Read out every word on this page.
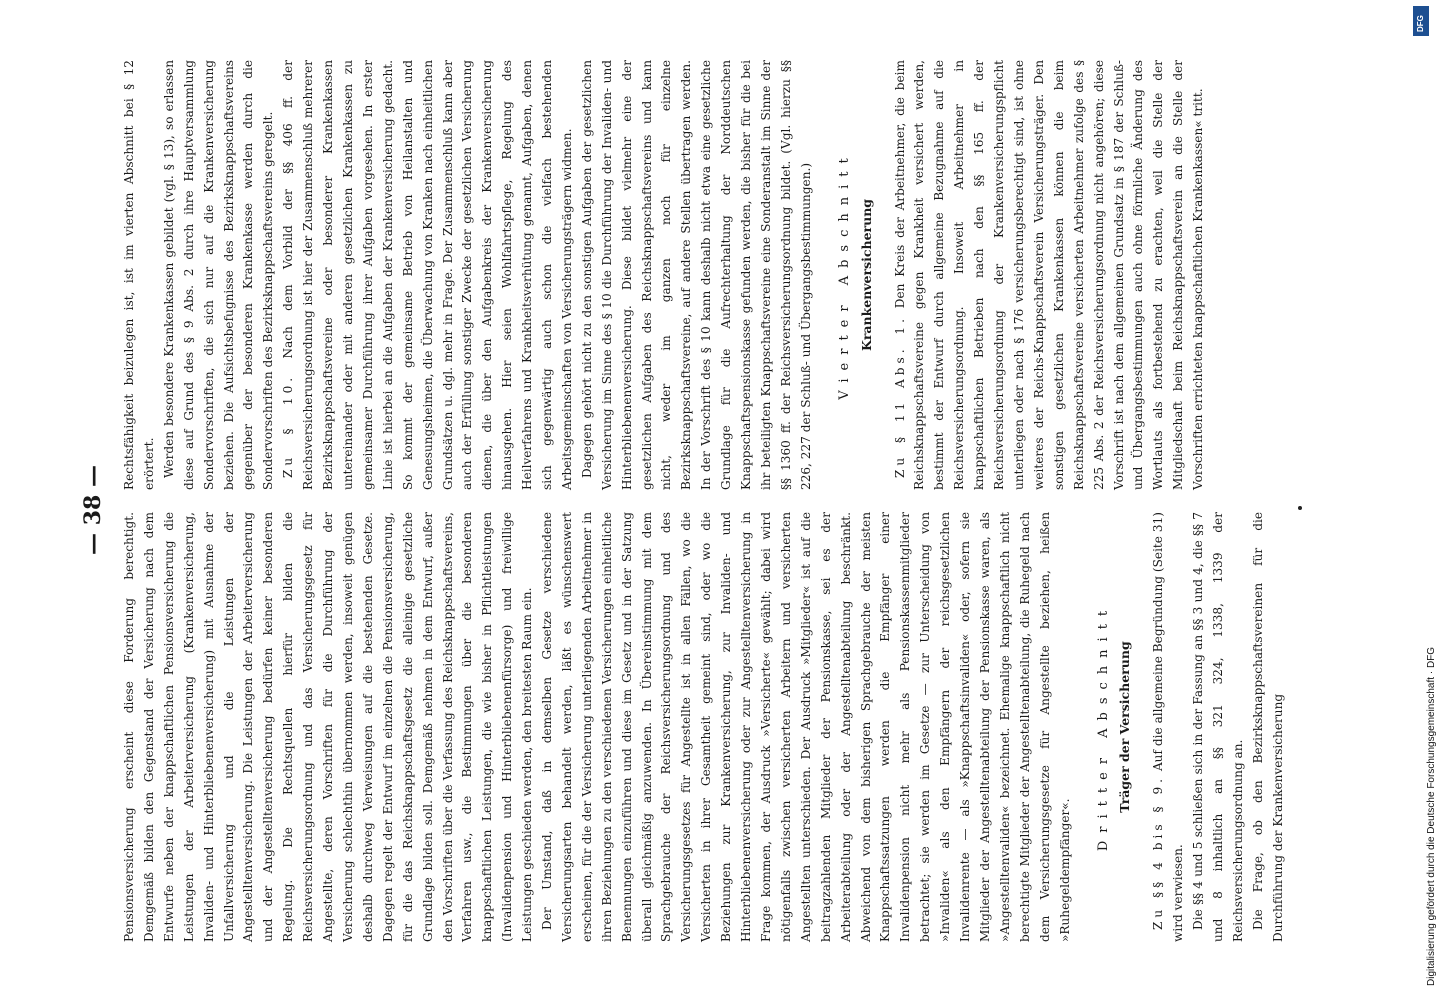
— 38 —

Pensionsversicherung erscheint diese Forderung berechtigt. Demgemäß bilden den Gegenstand der Versicherung nach dem Entwurfe neben der knappschaftlichen Pensionsversicherung die Leistungen der Arbeiterversicherung (Krankenversicherung, Invaliden- und Hinterbliebenenversicherung) mit Ausnahme der Unfallversicherung und die Leistungen der Angestelltenversicherung. Die Leistungen der Arbeiterversicherung und der Angestelltenversicherung bedürfen keiner besonderen Regelung. Die Rechtsquellen hierfür bilden die Reichsversicherungsordnung und das Versicherungsgesetz für Angestellte, deren Vorschriften für die Durchführung der Versicherung schlechthin übernommen werden, insoweit genügen deshalb durchweg Verweisungen auf die bestehenden Gesetze. Dagegen regelt der Entwurf im einzelnen die Pensionsversicherung, für die das Reichsknappschaftsgesetz die alleinige gesetzliche Grundlage bilden soll. Demgemäß nehmen in dem Entwurf, außer den Vorschriften über die Verfassung des Reichsknappschaftsvereins, Verfahren usw., die Bestimmungen über die besonderen knappschaftlichen Leistungen, die wie bisher in Pflichtleistungen (Invalidenpension und Hinterbliebenenfürsorge) und freiwillige Leistungen geschieden werden, den breitesten Raum ein. Der Umstand, daß in demselben Gesetze verschiedene Versicherungsarten behandelt werden, läßt es wünschenswert erscheinen, für die der Versicherung unterliegenden Arbeitnehmer in ihren Beziehungen zu den verschiedenen Versicherungen einheitliche Benennungen einzuführen und diese im Gesetz und in der Satzung überall gleichmäßig anzuwenden. In Übereinstimmung mit dem Sprachgebrauche der Reichsversicherungsordnung und des Versicherungsgesetzes für Angestellte ist in allen Fällen, wo die Versicherten in ihrer Gesamtheit gemeint sind, oder wo die Beziehungen zur Krankenversicherung, zur Invaliden- und Hinterbliebenenversicherung oder zur Angestelltenversicherung in Frage kommen, der Ausdruck »Versicherte« gewählt; dabei wird nötigenfalls zwischen versicherten Arbeitern und versicherten Angestellten unterschieden. Der Ausdruck »Mitglieder« ist auf die beitragzahlenden Mitglieder der Pensionskasse, sei es der Arbeiterabteilung oder der Angestelltenabteilung beschränkt. Abweichend von dem bisherigen Sprachgebrauche der meisten Knappschaftssatzungen werden die Empfänger einer Invalidenpension nicht mehr als Pensionskassenmitglieder betrachtet; sie werden im Gesetze — zur Unterscheidung von »Invaliden« als den Empfängern der reichsgesetzlichen Invalidenrente — als »Knappschaftsinvaliden« oder, sofern sie Mitglieder der Angestelltenabteilung der Pensionskasse waren, als »Angestelltenvaliden« bezeichnet. Ehemalige knappschaftlich nicht berechtigte Mitglieder der Angestelltenabteilung, die Ruhegeld nach dem Versicherungsgesetze für Angestellte beziehen, heißen »Ruhegeldempfänger«.

Dritter Abschnitt Träger der Versicherung

Zu §§ 4 bis § 9. Auf die allgemeine Begründung (Seite 31) wird verwiesen. Die §§ 4 und 5 schließen sich in der Fassung an §§ 3 und 4, die §§ 7 und 8 inhaltlich an §§ 321 324, 1338, 1339 der Reichsversicherungsordnung an. Die Frage, ob den Bezirksknappschaftsvereinen für die Durchführung der Krankenversicherung

Rechtsfähigkeit beizulegen ist, ist im vierten Abschnitt bei § 12 erörtert. Werden besondere Krankenkassen gebildet (vgl. § 13), so erlassen diese auf Grund des § 9 Abs. 2 durch ihre Hauptversammlung Sondervorschriften, die sich nur auf die Krankenversicherung beziehen. Die Aufsichtsbefugnisse des Bezirksknappschaftsvereins gegenüber der besonderen Krankenkasse werden durch die Sondervorschriften des Bezirksknappschaftsvereins geregelt. Zu § 10. Nach dem Vorbild der §§ 406 ff. der Reichsversicherungsordnung ist hier der Zusammenschluß mehrerer Bezirksknappschaftsvereine oder besonderer Krankenkassen untereinander oder mit anderen gesetzlichen Krankenkassen zu gemeinsamer Durchführung ihrer Aufgaben vorgesehen. In erster Linie ist hierbei an die Aufgaben der Krankenversicherung gedacht. So kommt der gemeinsame Betrieb von Heilanstalten und Genesungsheimen, die Überwachung von Kranken nach einheitlichen Grundsätzen u. dgl. mehr in Frage. Der Zusammenschluß kann aber auch der Erfüllung sonstiger Zwecke der gesetzlichen Versicherung dienen, die über den Aufgabenkreis der Krankenversicherung hinausgehen. Hier seien Wohlfahrtspflege, Regelung des Heilverfahrens und Krankheitsverhütung genannt, Aufgaben, denen sich gegenwärtig auch schon die vielfach bestehenden Arbeitsgemeinschaften von Versicherungsträgern widmen. Dagegen gehört nicht zu den sonstigen Aufgaben der gesetzlichen Versicherung im Sinne des § 10 die Durchführung der Invaliden- und Hinterbliebenenversicherung. Diese bildet vielmehr eine der gesetzlichen Aufgaben des Reichsknappschaftsvereins und kann nicht, weder im ganzen noch für einzelne Bezirksknappschaftsvereine, auf andere Stellen übertragen werden. In der Vorschrift des § 10 kann deshalb nicht etwa eine gesetzliche Grundlage für die Aufrechterhaltung der Norddeutschen Knappschaftspensionskasse gefunden werden, die bisher für die bei ihr beteiligten Knappschaftsvereine eine Sonderanstalt im Sinne der §§ 1360 ff. der Reichsversicherungsordnung bildet. (Vgl. hierzu §§ 226, 227 der Schluß- und Übergangsbestimmungen.)	Vierter Abschnitt Krankenversicherung

Zu § 11 Abs. 1. Den Kreis der Arbeitnehmer, die beim Reichsknappschaftsvereine gegen Krankheit versichert werden, bestimmt der Entwurf durch allgemeine Bezugnahme auf die Reichsversicherungsordnung. Insoweit Arbeitnehmer in knappschaftlichen Betrieben nach den §§ 165 ff. der Reichsversicherungsordnung der Krankenversicherungspflicht unterliegen oder nach § 176 versicherungsberechtigt sind, ist ohne weiteres der Reichs-Knappschaftsverein Versicherungsträger. Den sonstigen gesetzlichen Krankenkassen können die beim Reichsknappschaftsvereine versicherten Arbeitnehmer zufolge des § 225 Abs. 2 der Reichsversicherungsordnung nicht angehören; diese Vorschrift ist nach dem allgemeinen Grundsatz in § 187 der Schluß- und Übergangsbestimmungen auch ohne förmliche Änderung des Wortlauts als fortbestehend zu erachten, weil die Stelle der Mitgliedschaft beim Reichsknappschaftsverein an die Stelle der Vorschriften errichteten knappschaftlichen Krankenkassen« tritt.

Digitalisierung gefördert durch die Deutsche Forschungsgemeinschaft · DFG
DFG
